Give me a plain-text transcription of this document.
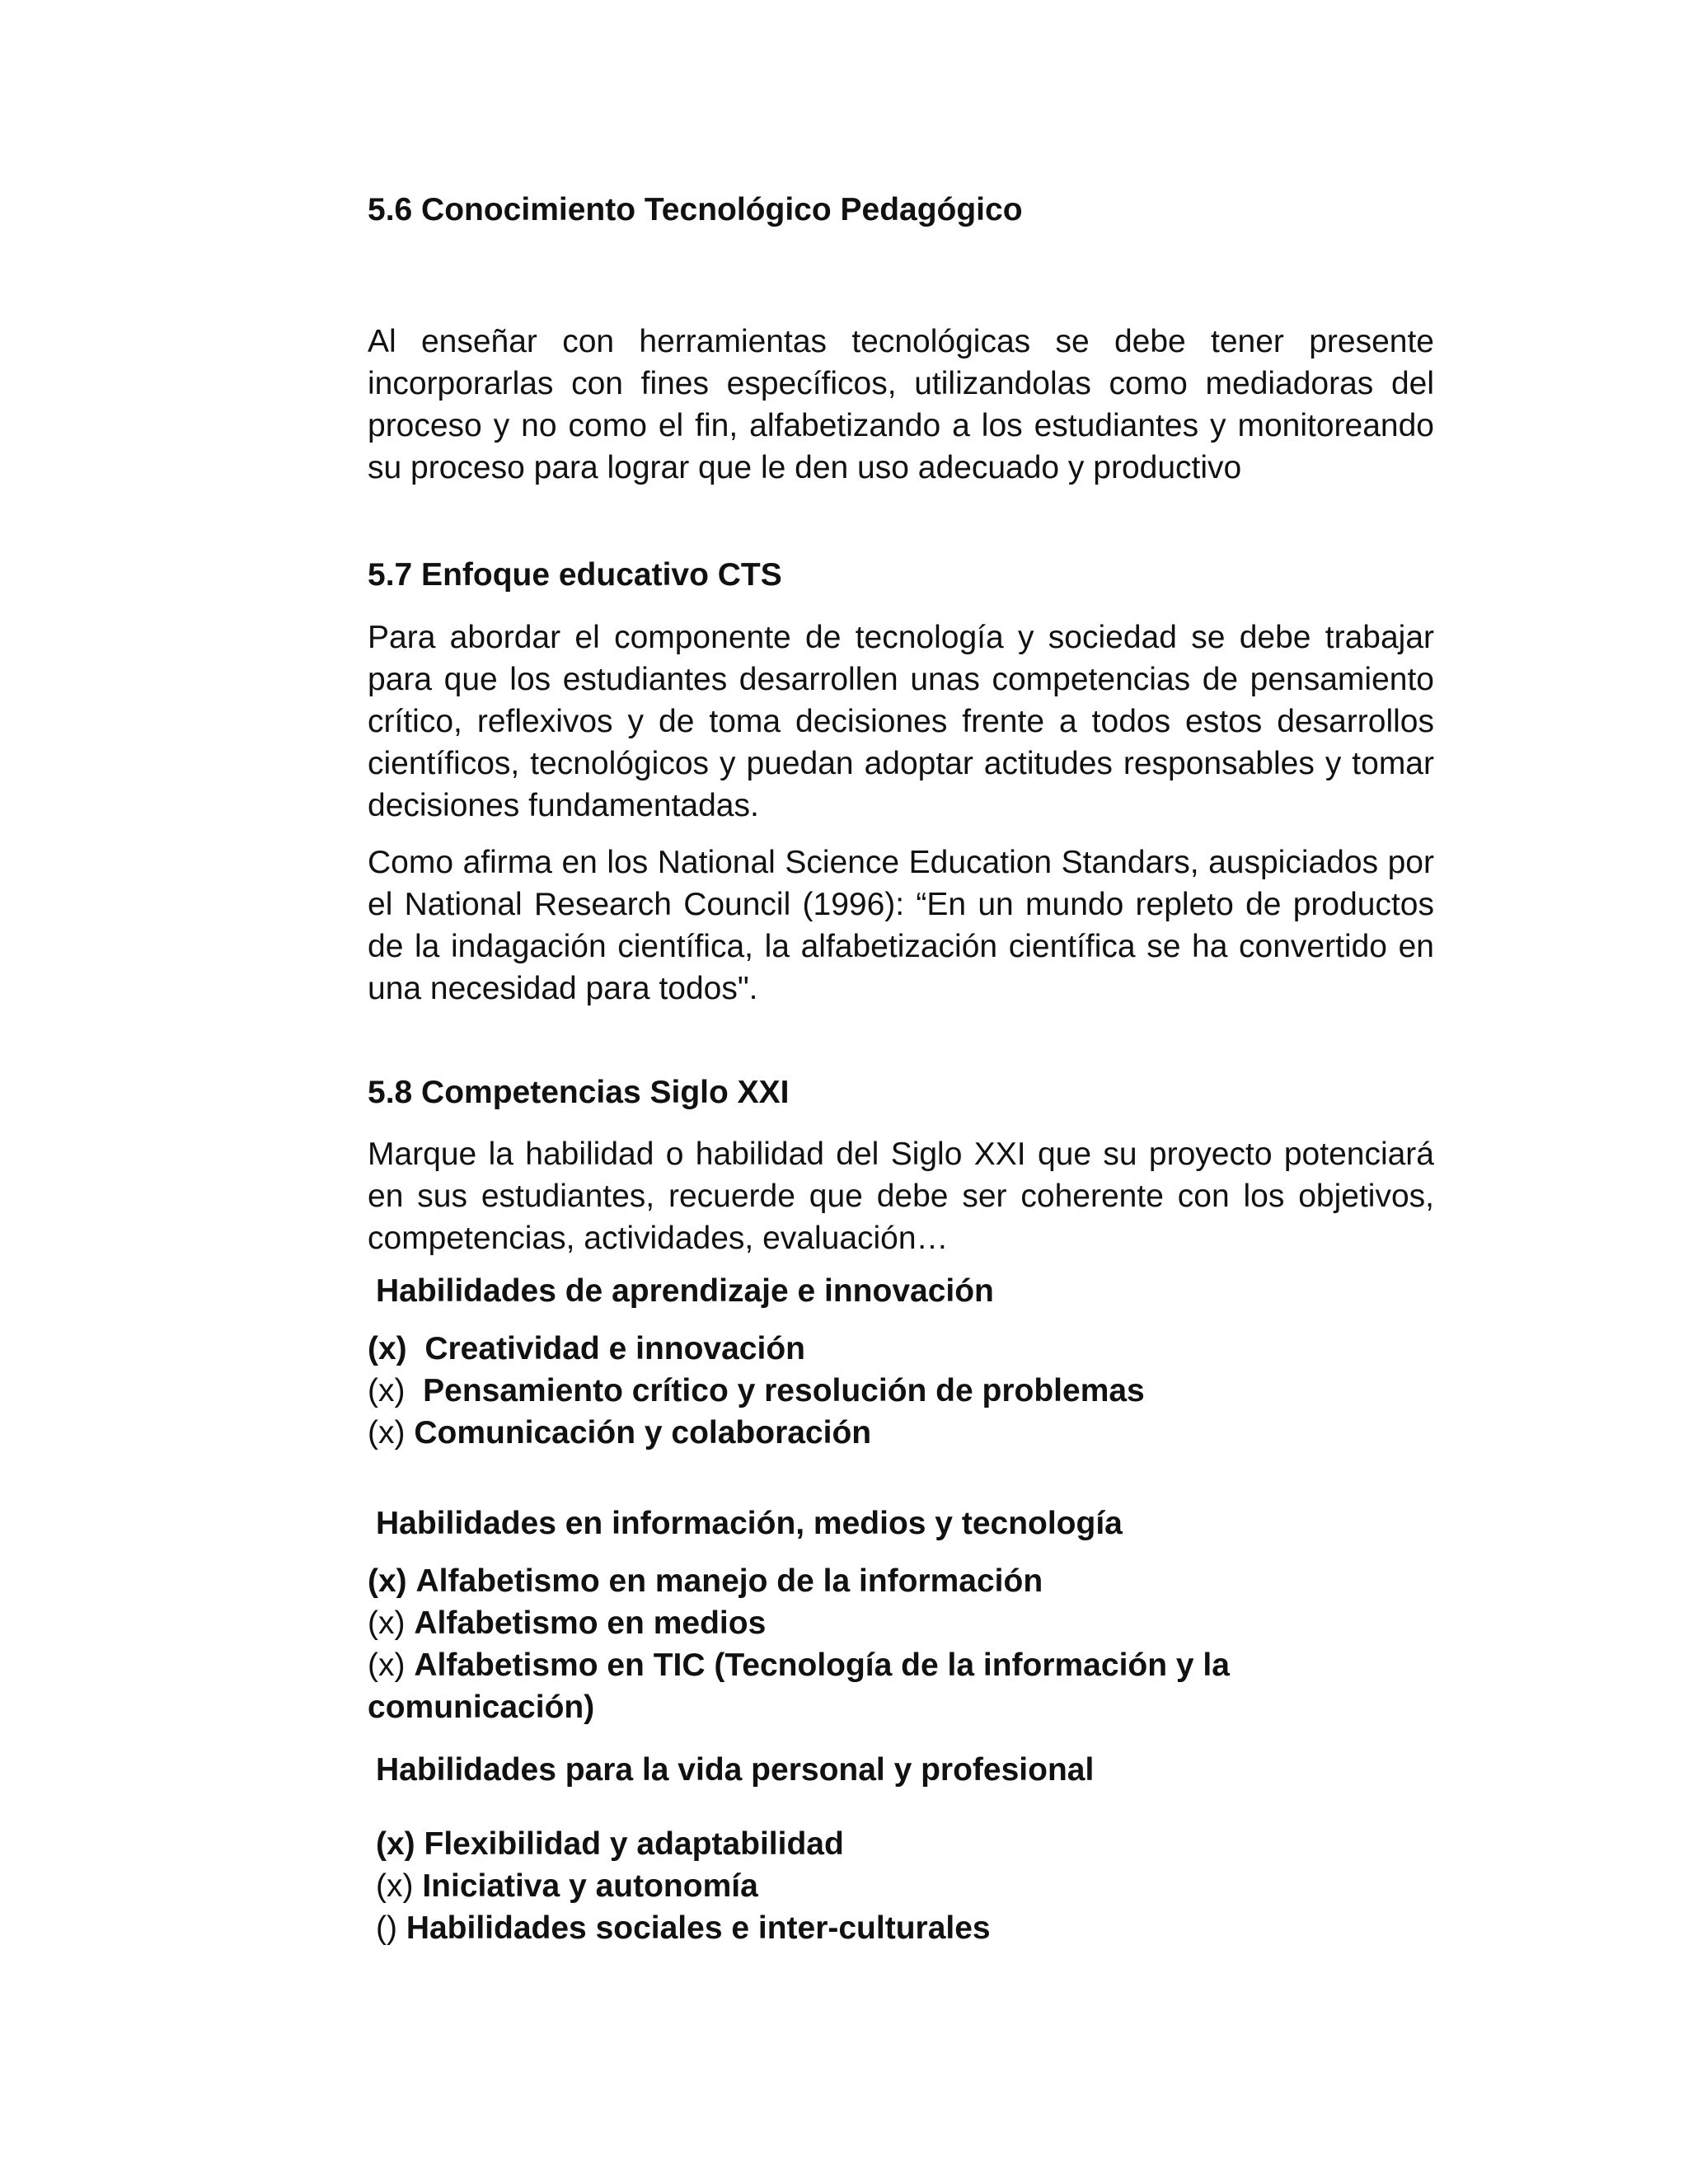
5.6 Conocimiento Tecnológico Pedagógico

Al enseñar con herramientas tecnológicas se debe tener presente incorporarlas con fines específicos, utilizandolas como mediadoras del proceso y no como el fin, alfabetizando a los estudiantes y monitoreando su proceso para lograr que le den uso adecuado y productivo

5.7 Enfoque educativo CTS

Para abordar el componente de tecnología y sociedad se debe trabajar para que los estudiantes desarrollen unas competencias de pensamiento crítico, reflexivos y de toma decisiones frente a todos estos desarrollos científicos, tecnológicos y puedan adoptar actitudes responsables y tomar decisiones fundamentadas.

Como afirma en los National Science Education Standars, auspiciados por el National Research Council (1996): “En un mundo repleto de productos de la indagación científica, la alfabetización científica se ha convertido en una necesidad para todos".

5.8 Competencias Siglo XXI

Marque la habilidad o habilidad del Siglo XXI que su proyecto potenciará en sus estudiantes, recuerde que debe ser coherente con los objetivos, competencias, actividades, evaluación…

Habilidades de aprendizaje e innovación
(x) Creatividad e innovación
(x) Pensamiento crítico y resolución de problemas
(x) Comunicación y colaboración
Habilidades en información, medios y tecnología
(x) Alfabetismo en manejo de la información
(x) Alfabetismo en medios
(x) Alfabetismo en TIC (Tecnología de la información y la comunicación)
Habilidades para la vida personal y profesional
(x) Flexibilidad y adaptabilidad
(x) Iniciativa y autonomía
() Habilidades sociales e inter-culturales
